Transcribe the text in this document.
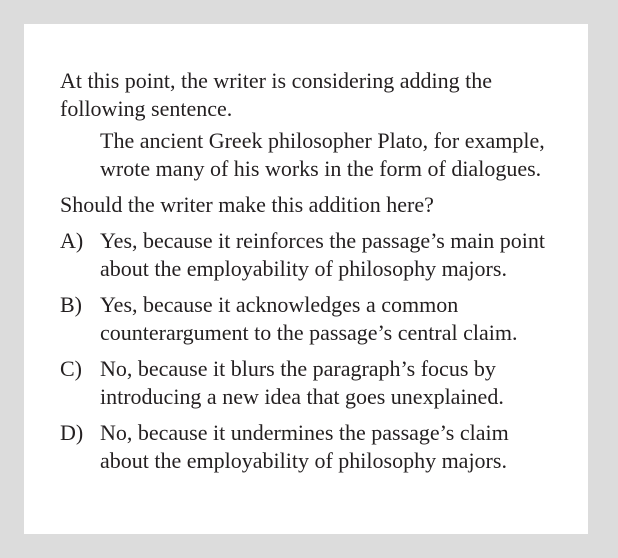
At this point, the writer is considering adding the following sentence.

The ancient Greek philosopher Plato, for example, wrote many of his works in the form of dialogues.

Should the writer make this addition here?

A) Yes, because it reinforces the passage’s main point about the employability of philosophy majors.
B) Yes, because it acknowledges a common counterargument to the passage’s central claim.
C) No, because it blurs the paragraph’s focus by introducing a new idea that goes unexplained.
D) No, because it undermines the passage’s claim about the employability of philosophy majors.
